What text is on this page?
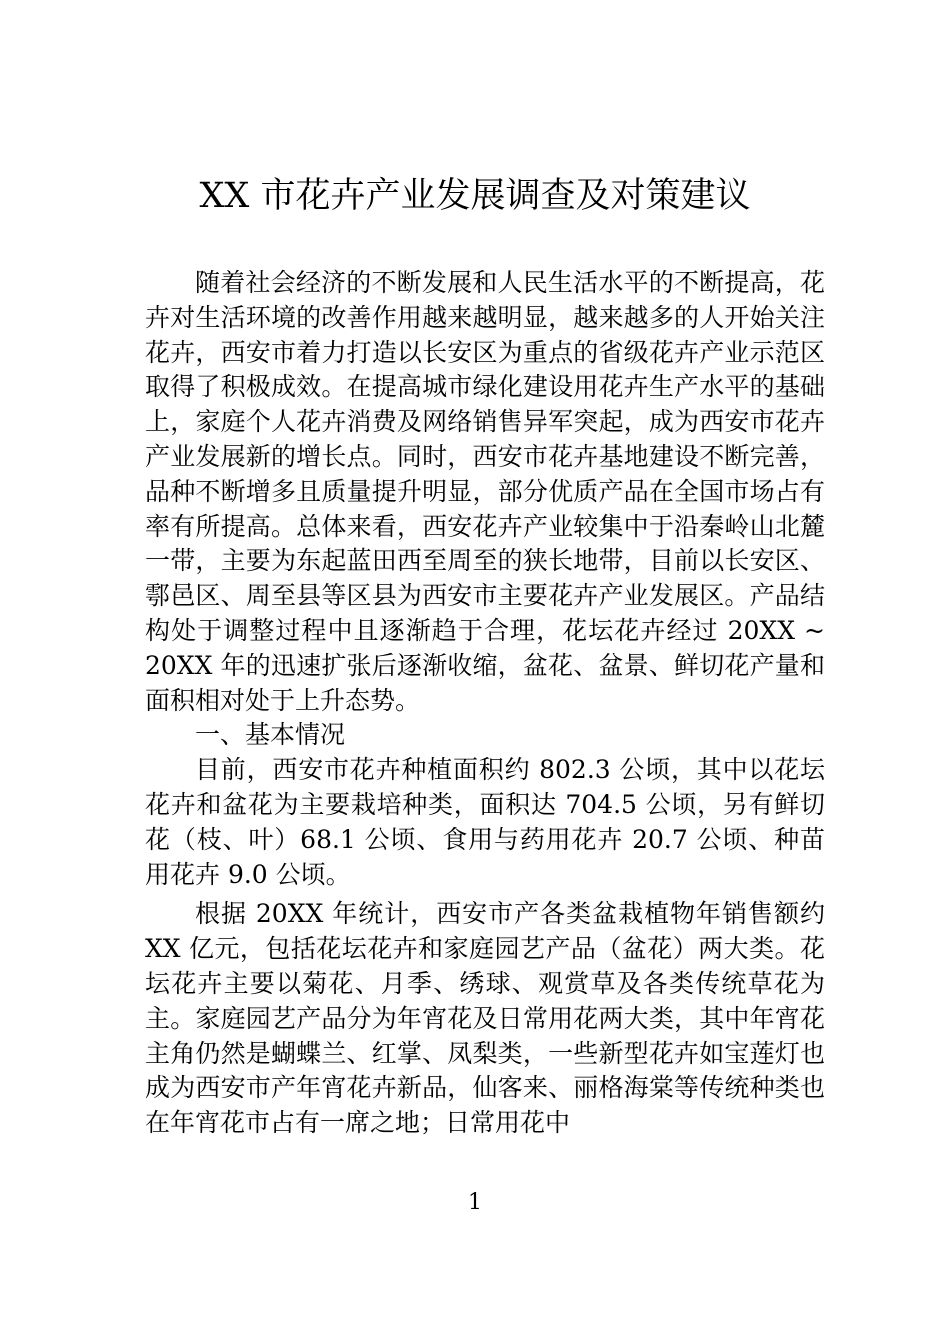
XX 市花卉产业发展调查及对策建议

随着社会经济的不断发展和人民生活水平的不断提高，花卉对生活环境的改善作用越来越明显，越来越多的人开始关注花卉，西安市着力打造以长安区为重点的省级花卉产业示范区取得了积极成效。在提高城市绿化建设用花卉生产水平的基础上，家庭个人花卉消费及网络销售异军突起，成为西安市花卉产业发展新的增长点。同时，西安市花卉基地建设不断完善，品种不断增多且质量提升明显，部分优质产品在全国市场占有率有所提高。总体来看，西安花卉产业较集中于沿秦岭山北麓一带，主要为东起蓝田西至周至的狭长地带，目前以长安区、鄠邑区、周至县等区县为西安市主要花卉产业发展区。产品结构处于调整过程中且逐渐趋于合理，花坛花卉经过 20XX ~ 20XX 年的迅速扩张后逐渐收缩，盆花、盆景、鲜切花产量和面积相对处于上升态势。

一、基本情况

目前，西安市花卉种植面积约 802.3 公顷，其中以花坛花卉和盆花为主要栽培种类，面积达 704.5 公顷，另有鲜切花（枝、叶）68.1 公顷、食用与药用花卉 20.7 公顷、种苗用花卉 9.0 公顷。

根据 20XX 年统计，西安市产各类盆栽植物年销售额约 XX 亿元，包括花坛花卉和家庭园艺产品（盆花）两大类。花坛花卉主要以菊花、月季、绣球、观赏草及各类传统草花为主。家庭园艺产品分为年宵花及日常用花两大类，其中年宵花主角仍然是蝴蝶兰、红掌、凤梨类，一些新型花卉如宝莲灯也成为西安市产年宵花卉新品，仙客来、丽格海棠等传统种类也在年宵花市占有一席之地；日常用花中

1
